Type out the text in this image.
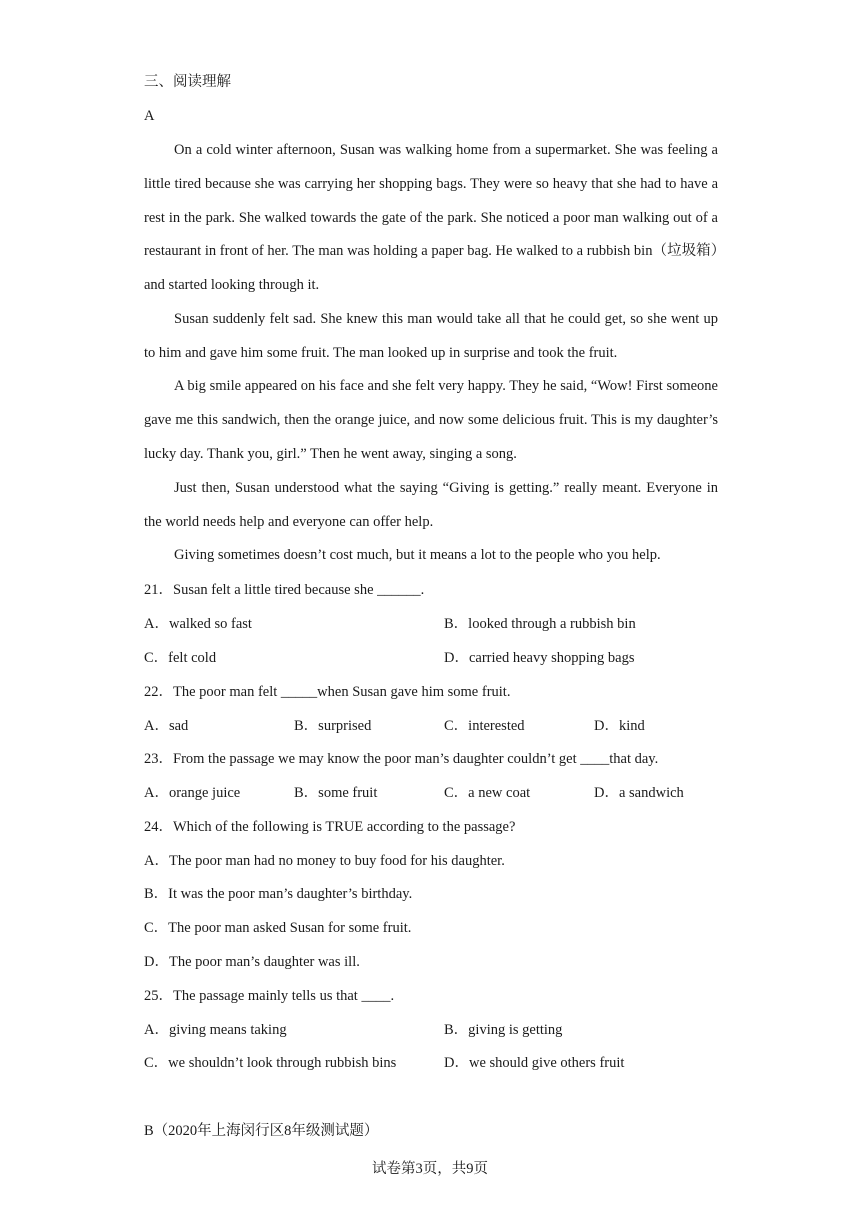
三、阅读理解
A

On a cold winter afternoon, Susan was walking home from a supermarket. She was feeling a little tired because she was carrying her shopping bags. They were so heavy that she had to have a rest in the park. She walked towards the gate of the park. She noticed a poor man walking out of a restaurant in front of her. The man was holding a paper bag. He walked to a rubbish bin（垃圾箱）and started looking through it.

Susan suddenly felt sad. She knew this man would take all that he could get, so she went up to him and gave him some fruit. The man looked up in surprise and took the fruit.

A big smile appeared on his face and she felt very happy. They he said, “Wow! First someone gave me this sandwich, then the orange juice, and now some delicious fruit. This is my daughter’s lucky day. Thank you, girl.” Then he went away, singing a song.

Just then, Susan understood what the saying “Giving is getting.” really meant. Everyone in the world needs help and everyone can offer help.

Giving sometimes doesn’t cost much, but it means a lot to the people who you help.

21．Susan felt a little tired because she ______.
A．walked so fast	B．looked through a rubbish bin
C．felt cold	D．carried heavy shopping bags
22．The poor man felt _____when Susan gave him some fruit.
A．sad	B．surprised	C．interested	D．kind
23．From the passage we may know the poor man’s daughter couldn’t get ____that day.
A．orange juice	B．some fruit	C．a new coat	D．a sandwich
24．Which of the following is TRUE according to the passage?
A．The poor man had no money to buy food for his daughter.
B．It was the poor man’s daughter’s birthday.
C．The poor man asked Susan for some fruit.
D．The poor man’s daughter was ill.
25．The passage mainly tells us that ____.
A．giving means taking	B．giving is getting
C．we shouldn’t look through rubbish bins	D．we should give others fruit
B（2020年上海闵行区8年级测试题）
试卷第3页，共9页
